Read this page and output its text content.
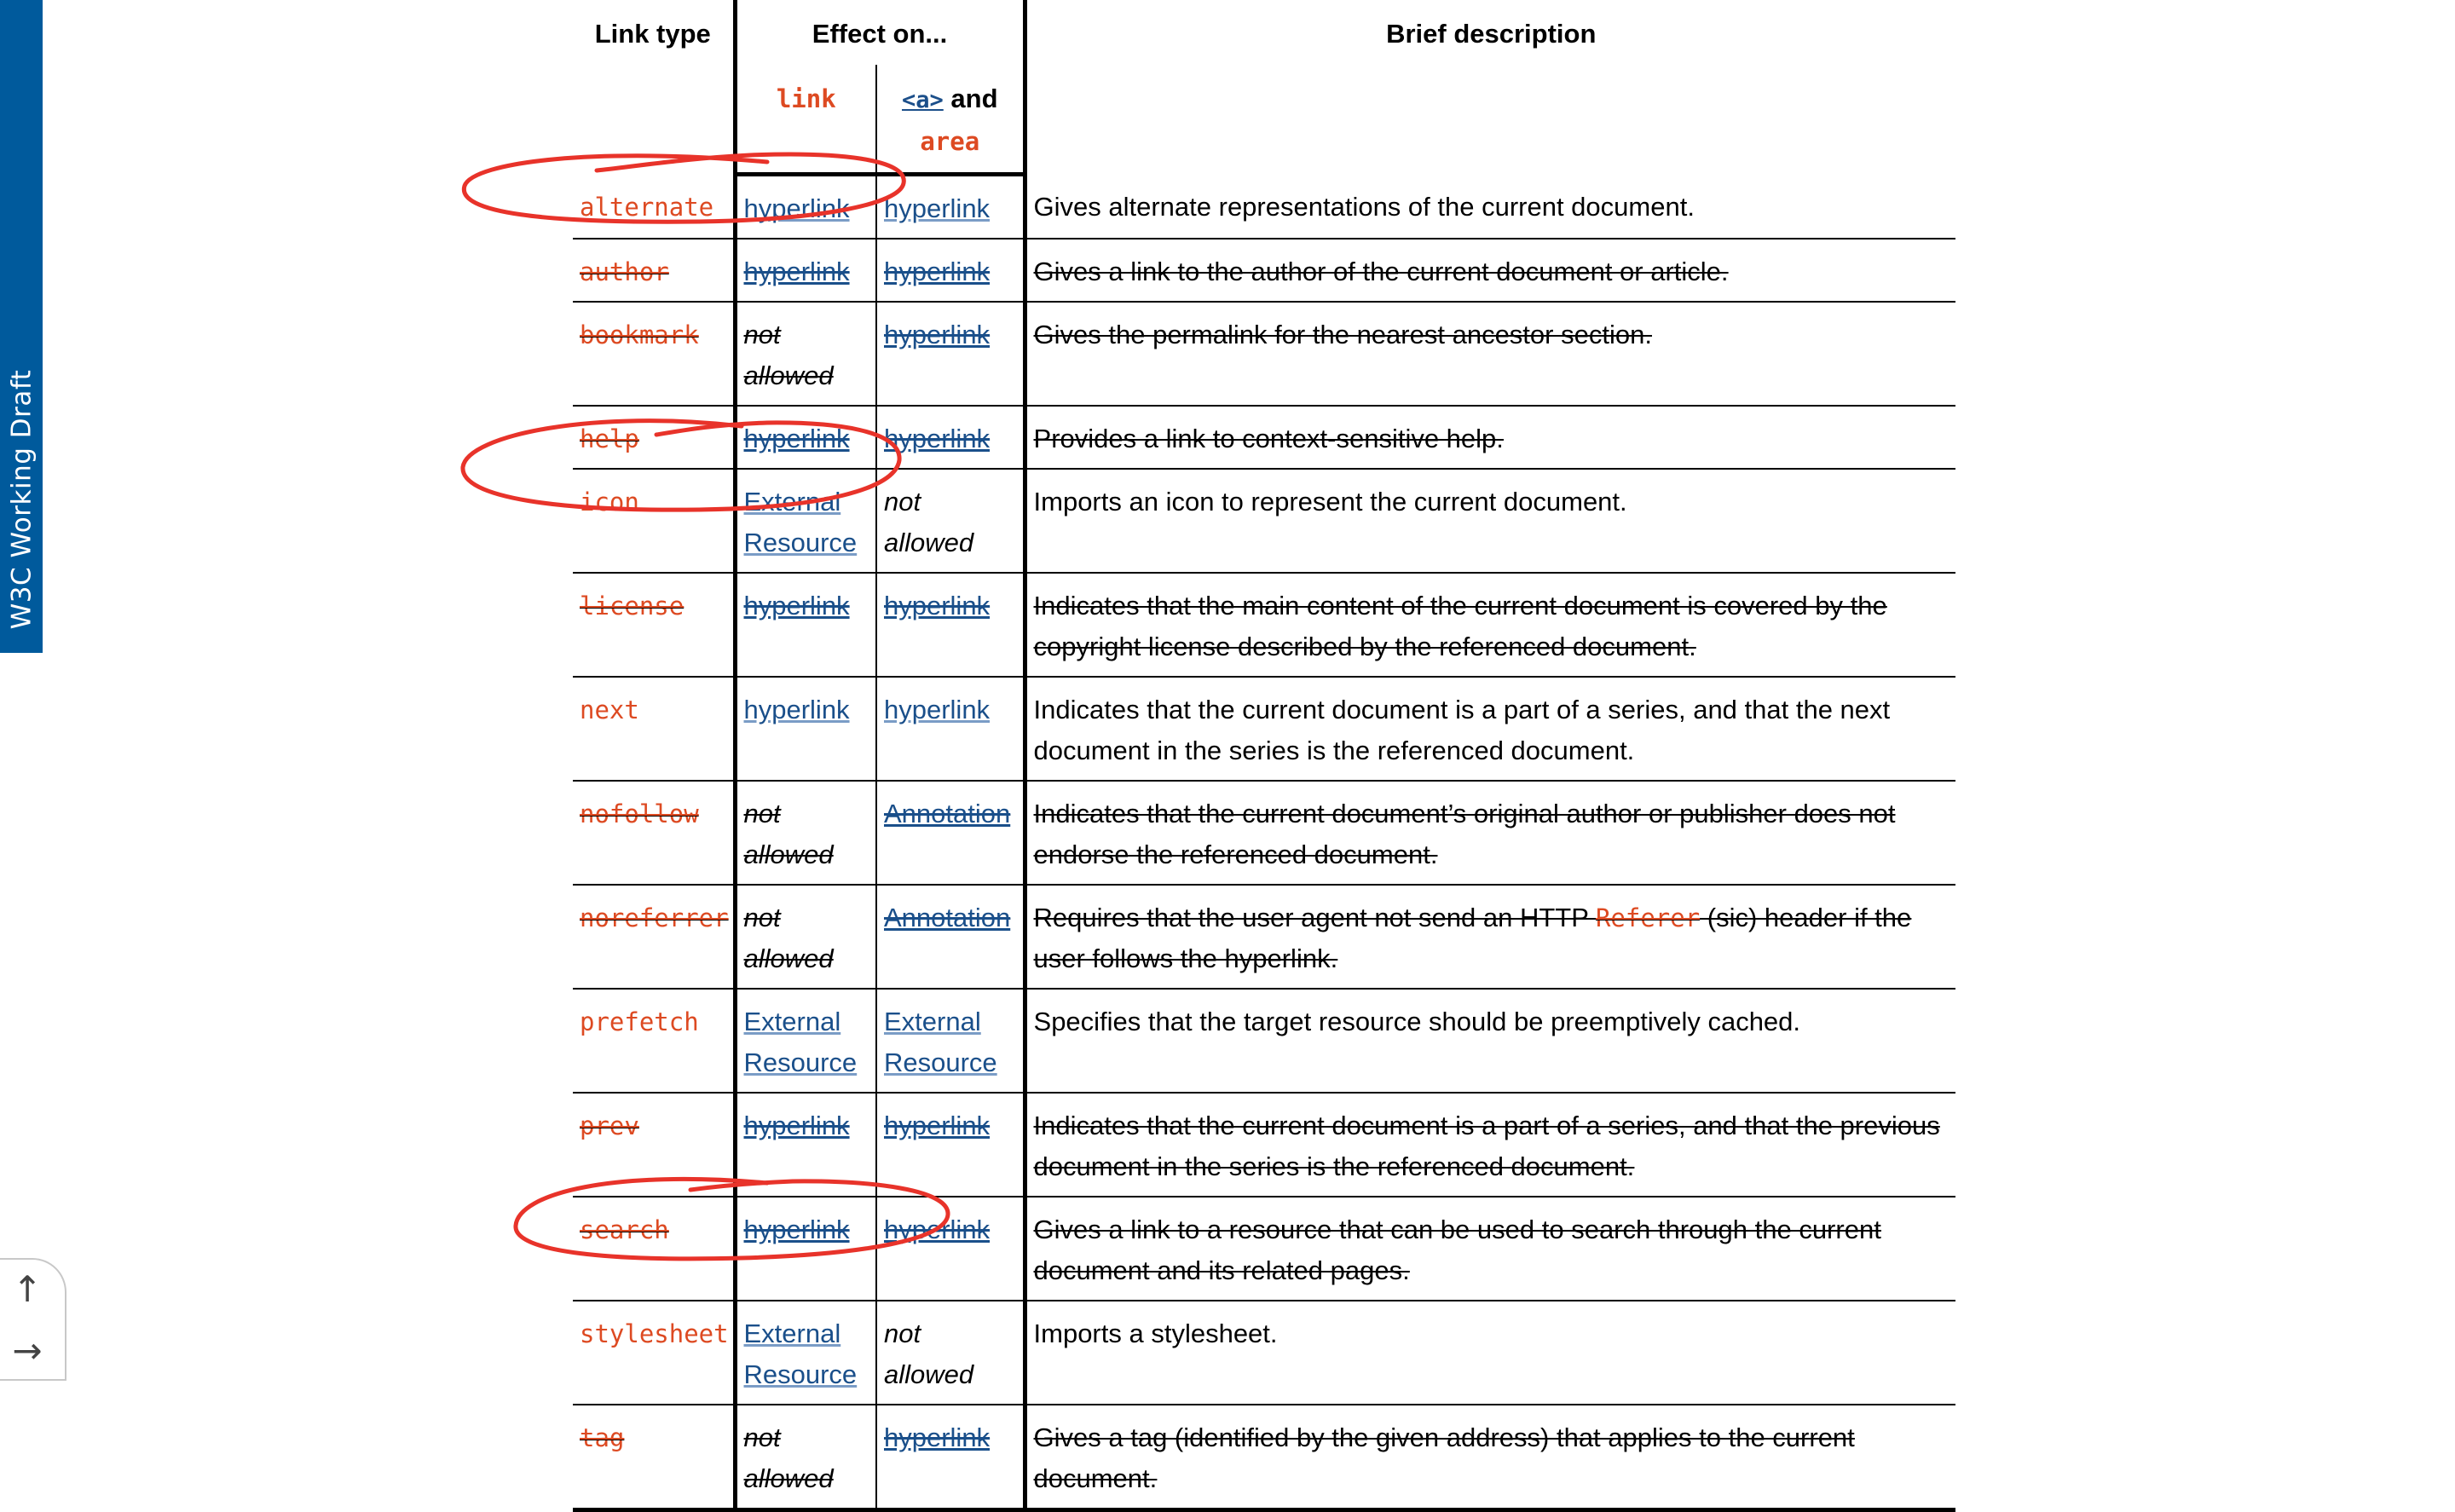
W3C Working Draft
↑
→
Link type	Effect on...		Brief description
	link	<a> and
area	
alternate	hyperlink	hyperlink	Gives alternate representations of the current document.
author	hyperlink	hyperlink	Gives a link to the author of the current document or article.
bookmark	not allowed	hyperlink	Gives the permalink for the nearest ancestor section.
help	hyperlink	hyperlink	Provides a link to context-sensitive help.
icon	External Resource	not allowed	Imports an icon to represent the current document.
license	hyperlink	hyperlink	Indicates that the main content of the current document is covered by the copyright license described by the referenced document.
next	hyperlink	hyperlink	Indicates that the current document is a part of a series, and that the next document in the series is the referenced document.
nofollow	not allowed	Annotation	Indicates that the current document’s original author or publisher does not endorse the referenced document.
noreferrer	not allowed	Annotation	Requires that the user agent not send an HTTP Referer (sic) header if the user follows the hyperlink.
prefetch	External Resource	External Resource	Specifies that the target resource should be preemptively cached.
prev	hyperlink	hyperlink	Indicates that the current document is a part of a series, and that the previous document in the series is the referenced document.
search	hyperlink	hyperlink	Gives a link to a resource that can be used to search through the current document and its related pages.
stylesheet	External Resource	not allowed	Imports a stylesheet.
tag	not allowed	hyperlink	Gives a tag (identified by the given address) that applies to the current document.
